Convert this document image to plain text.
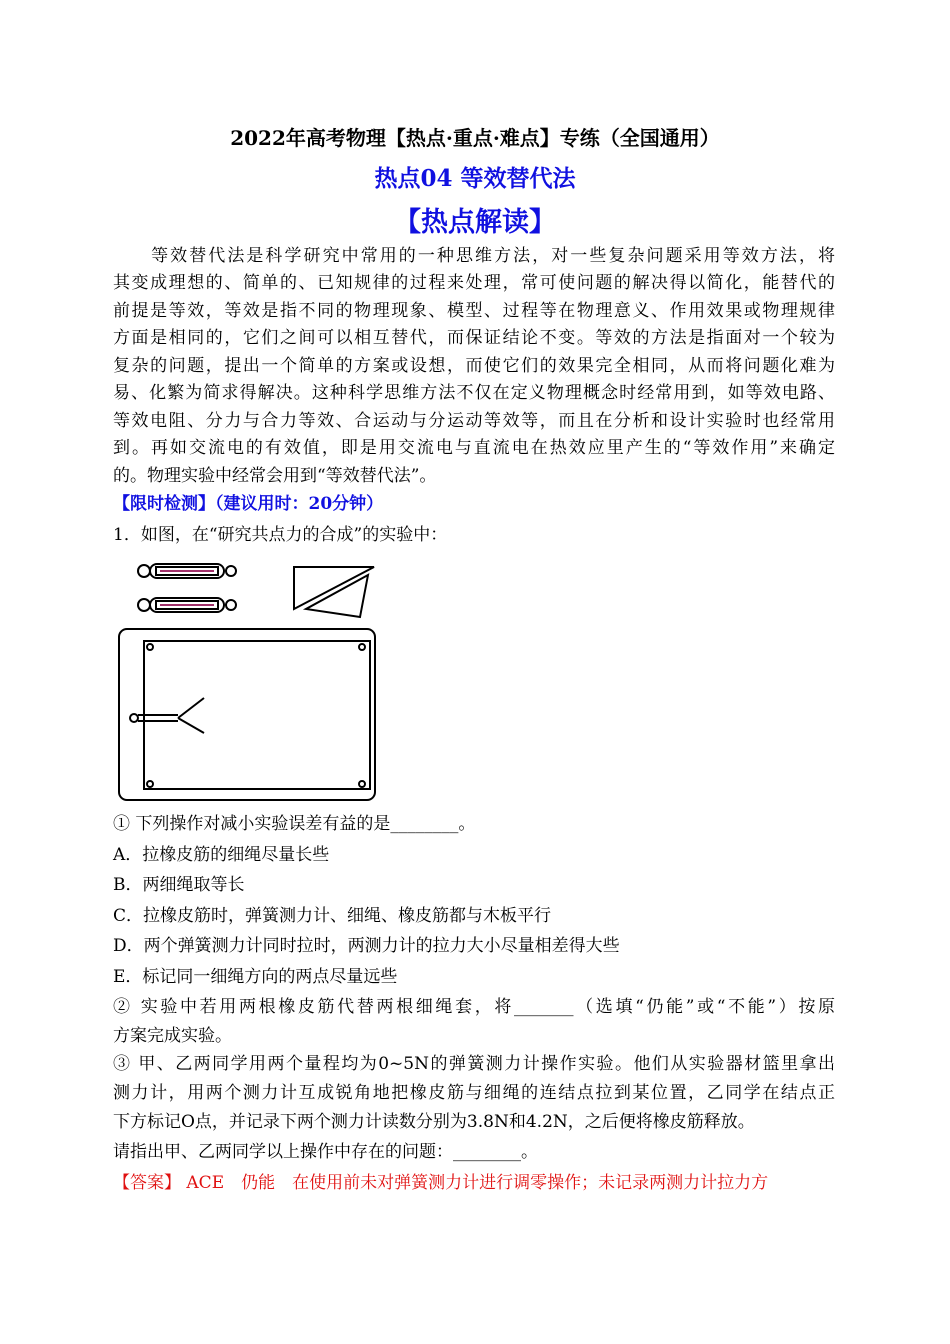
2022年高考物理【热点·重点·难点】专练（全国通用）
热点04 等效替代法
【热点解读】
　　等效替代法是科学研究中常用的一种思维方法，对一些复杂问题采用等效方法，将
其变成理想的、简单的、已知规律的过程来处理，常可使问题的解决得以简化，能替代的
前提是等效，等效是指不同的物理现象、模型、过程等在物理意义、作用效果或物理规律
方面是相同的，它们之间可以相互替代，而保证结论不变。等效的方法是指面对一个较为
复杂的问题，提出一个简单的方案或设想，而使它们的效果完全相同，从而将问题化难为
易、化繁为简求得解决。这种科学思维方法不仅在定义物理概念时经常用到，如等效电路、
等效电阻、分力与合力等效、合运动与分运动等效等，而且在分析和设计实验时也经常用
到。再如交流电的有效值，即是用交流电与直流电在热效应里产生的“等效作用”来确定
的。物理实验中经常会用到“等效替代法”。
【限时检测】（建议用时：20分钟）
1．如图，在“研究共点力的合成”的实验中：
① 下列操作对减小实验误差有益的是________。
A．拉橡皮筋的细绳尽量长些
B．两细绳取等长
C．拉橡皮筋时，弹簧测力计、细绳、橡皮筋都与木板平行
D．两个弹簧测力计同时拉时，两测力计的拉力大小尽量相差得大些
E．标记同一细绳方向的两点尽量远些
② 实验中若用两根橡皮筋代替两根细绳套，将_______（选填“仍能”或“不能”）按原
方案完成实验。
③ 甲、乙两同学用两个量程均为0~5N的弹簧测力计操作实验。他们从实验器材篮里拿出
测力计，用两个测力计互成锐角地把橡皮筋与细绳的连结点拉到某位置，乙同学在结点正
下方标记O点，并记录下两个测力计读数分别为3.8N和4.2N，之后便将橡皮筋释放。
请指出甲、乙两同学以上操作中存在的问题：________。
【答案】 ACE　仍能　在使用前未对弹簧测力计进行调零操作；未记录两测力计拉力方
